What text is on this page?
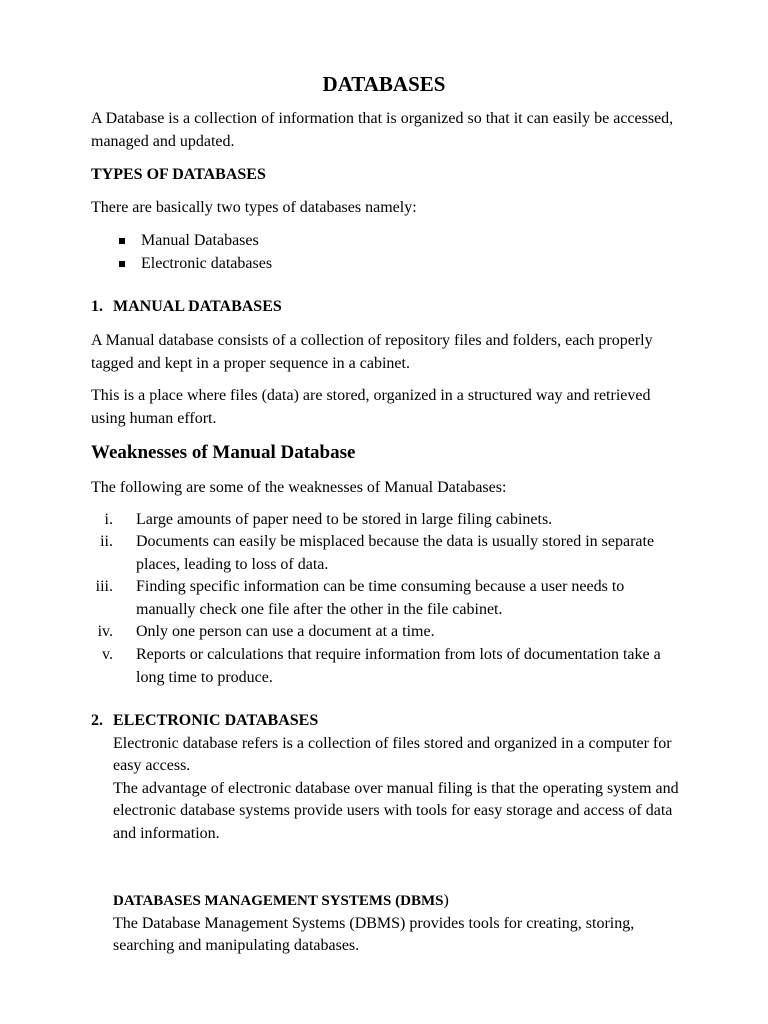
DATABASES
A Database is a collection of information that is organized so that it can easily be accessed, managed and updated.
TYPES OF DATABASES
There are basically two types of databases namely:
Manual Databases
Electronic databases
1. MANUAL DATABASES
A Manual database consists of a collection of repository files and folders, each properly tagged and kept in a proper sequence in a cabinet.
This is a place where files (data) are stored, organized in a structured way and retrieved using human effort.
Weaknesses of Manual Database
The following are some of the weaknesses of Manual Databases:
i. Large amounts of paper need to be stored in large filing cabinets.
ii. Documents can easily be misplaced because the data is usually stored in separate places, leading to loss of data.
iii. Finding specific information can be time consuming because a user needs to manually check one file after the other in the file cabinet.
iv. Only one person can use a document at a time.
v. Reports or calculations that require information from lots of documentation take a long time to produce.
2. ELECTRONIC DATABASES
Electronic database refers is a collection of files stored and organized in a computer for easy access.
The advantage of electronic database over manual filing is that the operating system and electronic database systems provide users with tools for easy storage and access of data and information.
DATABASES MANAGEMENT SYSTEMS (DBMS)
The Database Management Systems (DBMS) provides tools for creating, storing, searching and manipulating databases.
